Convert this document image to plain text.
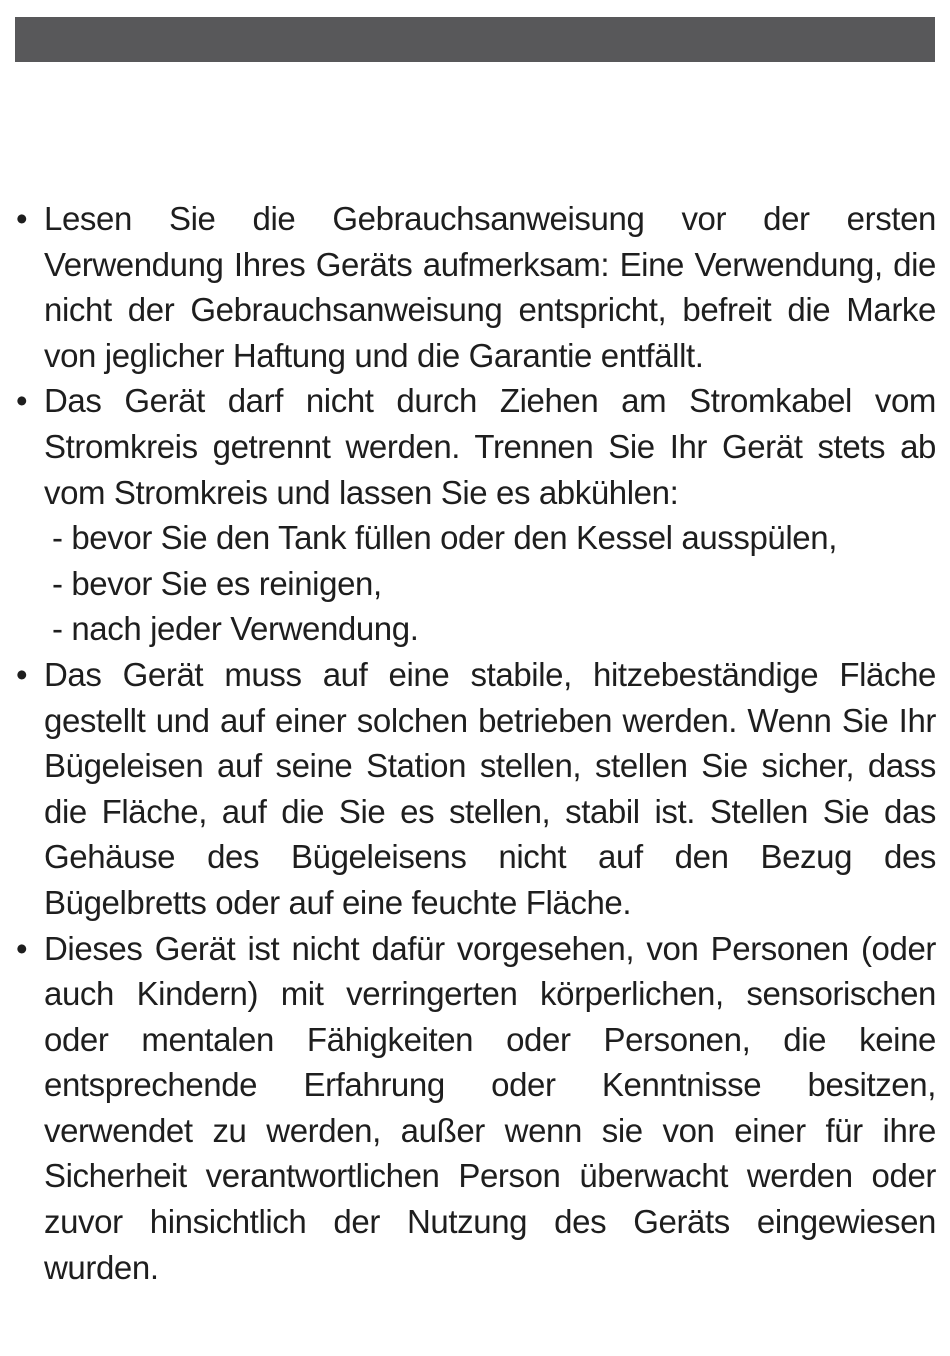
• Lesen Sie die Gebrauchsanweisung vor der ersten Verwendung Ihres Geräts aufmerksam: Eine Verwendung, die nicht der Gebrauchsanweisung entspricht, befreit die Marke von jeglicher Haftung und die Garantie entfällt.
• Das Gerät darf nicht durch Ziehen am Stromkabel vom Stromkreis getrennt werden. Trennen Sie Ihr Gerät stets ab vom Stromkreis und lassen Sie es abkühlen:
- bevor Sie den Tank füllen oder den Kessel ausspülen,
- bevor Sie es reinigen,
- nach jeder Verwendung.
• Das Gerät muss auf eine stabile, hitzebeständige Fläche gestellt und auf einer solchen betrieben werden. Wenn Sie Ihr Bügeleisen auf seine Station stellen, stellen Sie sicher, dass die Fläche, auf die Sie es stellen, stabil ist. Stellen Sie das Gehäuse des Bügeleisens nicht auf den Bezug des Bügelbretts oder auf eine feuchte Fläche.
• Dieses Gerät ist nicht dafür vorgesehen, von Personen (oder auch Kindern) mit verringerten körperlichen, sensorischen oder mentalen Fähigkeiten oder Personen, die keine entsprechende Erfahrung oder Kenntnisse besitzen, verwendet zu werden, außer wenn sie von einer für ihre Sicherheit verantwortlichen Person überwacht werden oder zuvor hinsichtlich der Nutzung des Geräts eingewiesen wurden.
